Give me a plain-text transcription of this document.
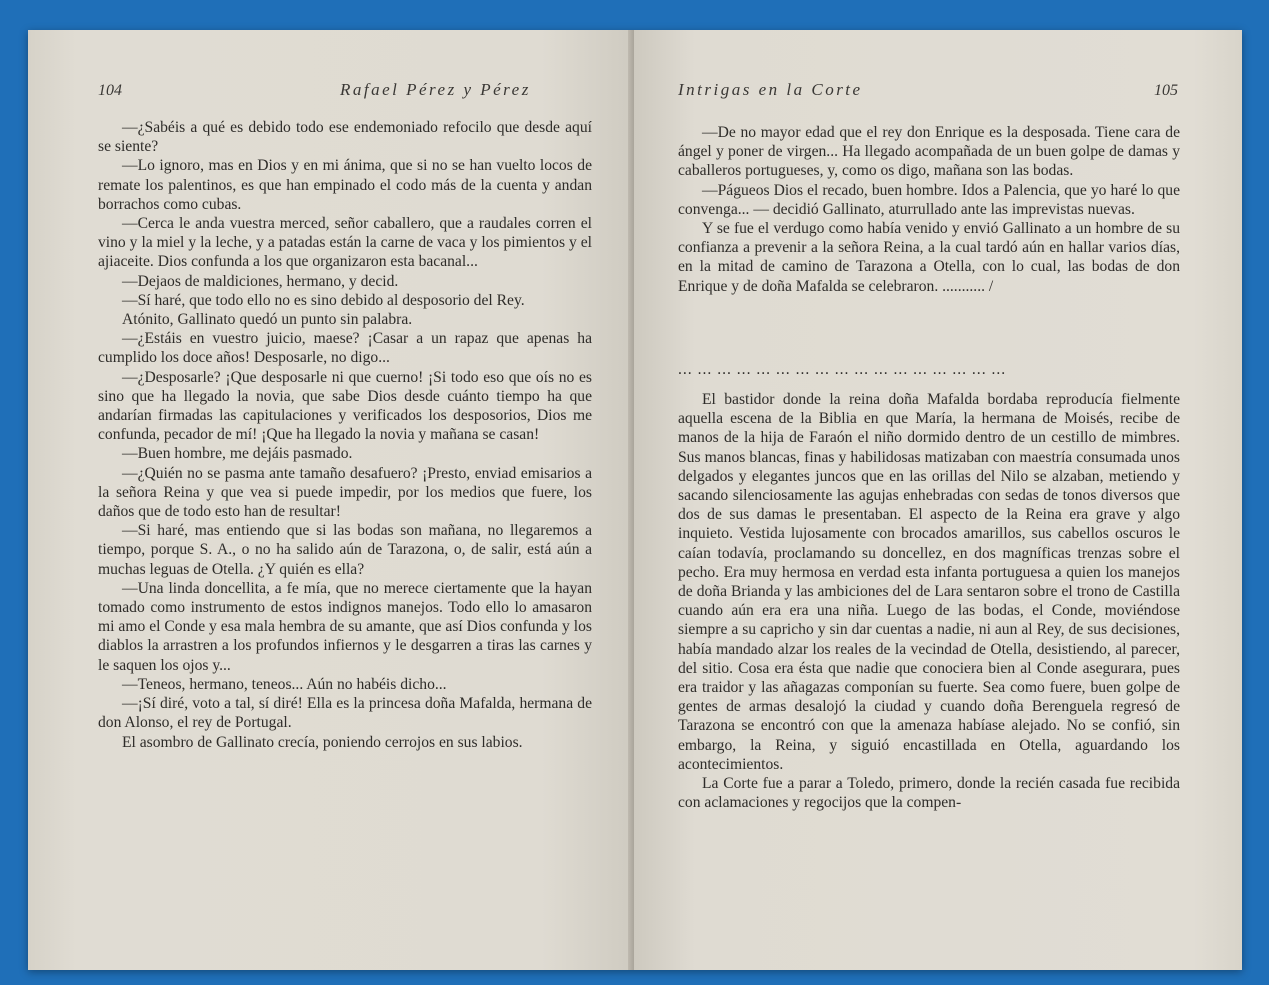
104	Rafael Pérez y Pérez

—¿Sabéis a qué es debido todo ese endemoniado refocilo que desde aquí se siente?

—Lo ignoro, mas en Dios y en mi ánima, que si no se han vuelto locos de remate los palentinos, es que han empinado el codo más de la cuenta y andan borrachos como cubas.

—Cerca le anda vuestra merced, señor caballero, que a raudales corren el vino y la miel y la leche, y a patadas están la carne de vaca y los pimientos y el ajiaceite. Dios confunda a los que organizaron esta bacanal...

—Dejaos de maldiciones, hermano, y decid.

—Sí haré, que todo ello no es sino debido al desposorio del Rey.

Atónito, Gallinato quedó un punto sin palabra.

—¿Estáis en vuestro juicio, maese? ¡Casar a un rapaz que apenas ha cumplido los doce años! Desposarle, no digo...

—¿Desposarle? ¡Que desposarle ni que cuerno! ¡Si todo eso que oís no es sino que ha llegado la novia, que sabe Dios desde cuánto tiempo ha que andarían firmadas las capitulaciones y verificados los desposorios, Dios me confunda, pecador de mí! ¡Que ha llegado la novia y mañana se casan!

—Buen hombre, me dejáis pasmado.

—¿Quién no se pasma ante tamaño desafuero? ¡Presto, enviad emisarios a la señora Reina y que vea si puede impedir, por los medios que fuere, los daños que de todo esto han de resultar!

—Si haré, mas entiendo que si las bodas son mañana, no llegaremos a tiempo, porque S. A., o no ha salido aún de Tarazona, o, de salir, está aún a muchas leguas de Otella. ¿Y quién es ella?

—Una linda doncellita, a fe mía, que no merece ciertamente que la hayan tomado como instrumento de estos indignos manejos. Todo ello lo amasaron mi amo el Conde y esa mala hembra de su amante, que así Dios confunda y los diablos la arrastren a los profundos infiernos y le desgarren a tiras las carnes y le saquen los ojos y...

—Teneos, hermano, teneos... Aún no habéis dicho...

—¡Sí diré, voto a tal, sí diré! Ella es la princesa doña Mafalda, hermana de don Alonso, el rey de Portugal.

El asombro de Gallinato crecía, poniendo cerrojos en sus labios.

Intrigas en la Corte	105

—De no mayor edad que el rey don Enrique es la desposada. Tiene cara de ángel y poner de virgen... Ha llegado acompañada de un buen golpe de damas y caballeros portugueses, y, como os digo, mañana son las bodas.

—Págueos Dios el recado, buen hombre. Idos a Palencia, que yo haré lo que convenga... — decidió Gallinato, aturrullado ante las imprevistas nuevas.

Y se fue el verdugo como había venido y envió Gallinato a un hombre de su confianza a prevenir a la señora Reina, a la cual tardó aún en hallar varios días, en la mitad de camino de Tarazona a Otella, con lo cual, las bodas de don Enrique y de doña Mafalda se celebraron. ........... /

... ... ... ... ... ... ... ... ... ... ... ... ... ... ... ... ...

El bastidor donde la reina doña Mafalda bordaba reproducía fielmente aquella escena de la Biblia en que María, la hermana de Moisés, recibe de manos de la hija de Faraón el niño dormido dentro de un cestillo de mimbres. Sus manos blancas, finas y habilidosas matizaban con maestría consumada unos delgados y elegantes juncos que en las orillas del Nilo se alzaban, metiendo y sacando silenciosamente las agujas enhebradas con sedas de tonos diversos que dos de sus damas le presentaban. El aspecto de la Reina era grave y algo inquieto. Vestida lujosamente con brocados amarillos, sus cabellos oscuros le caían todavía, proclamando su doncellez, en dos magníficas trenzas sobre el pecho. Era muy hermosa en verdad esta infanta portuguesa a quien los manejos de doña Brianda y las ambiciones del de Lara sentaron sobre el trono de Castilla cuando aún era era una niña. Luego de las bodas, el Conde, moviéndose siempre a su capricho y sin dar cuentas a nadie, ni aun al Rey, de sus decisiones, había mandado alzar los reales de la vecindad de Otella, desistiendo, al parecer, del sitio. Cosa era ésta que nadie que conociera bien al Conde asegurara, pues era traidor y las añagazas componían su fuerte. Sea como fuere, buen golpe de gentes de armas desalojó la ciudad y cuando doña Berenguela regresó de Tarazona se encontró con que la amenaza habíase alejado. No se confió, sin embargo, la Reina, y siguió encastillada en Otella, aguardando los acontecimientos.

La Corte fue a parar a Toledo, primero, donde la recién casada fue recibida con aclamaciones y regocijos que la compen-
